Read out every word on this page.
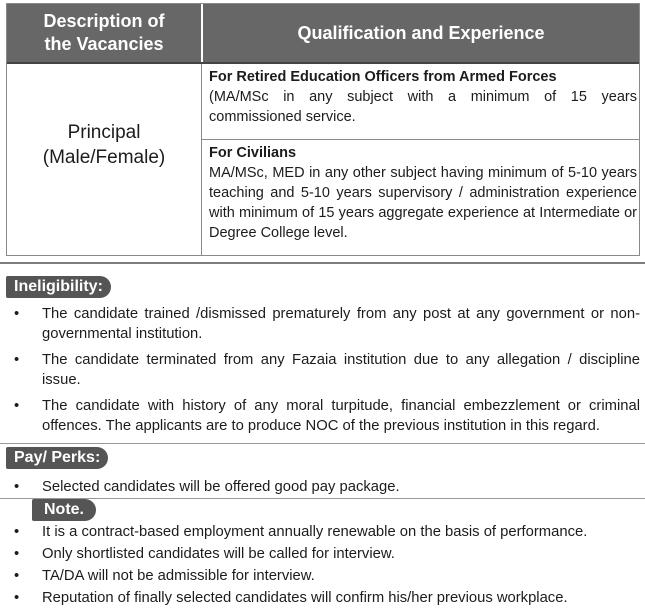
Description of
the Vacancies
Qualification and Experience
Principal
(Male/Female)
For Retired Education Officers from Armed Forces
(MA/MSc in any subject with a minimum of 15 years commissioned service.
For Civilians
MA/MSc, MED in any other subject having minimum of 5-10 years teaching and 5-10 years supervisory / administration experience with minimum of 15 years aggregate experience at Intermediate or Degree College level.
Ineligibility:
• The candidate trained /dismissed prematurely from any post at any government or non-governmental institution.
• The candidate terminated from any Fazaia institution due to any allegation / discipline issue.
• The candidate with history of any moral turpitude, financial embezzlement or criminal offences. The applicants are to produce NOC of the previous institution in this regard.
Pay/ Perks:
• Selected candidates will be offered good pay package.
Note.
• It is a contract-based employment annually renewable on the basis of performance.
• Only shortlisted candidates will be called for interview.
• TA/DA will not be admissible for interview.
• Reputation of finally selected candidates will confirm his/her previous workplace.
